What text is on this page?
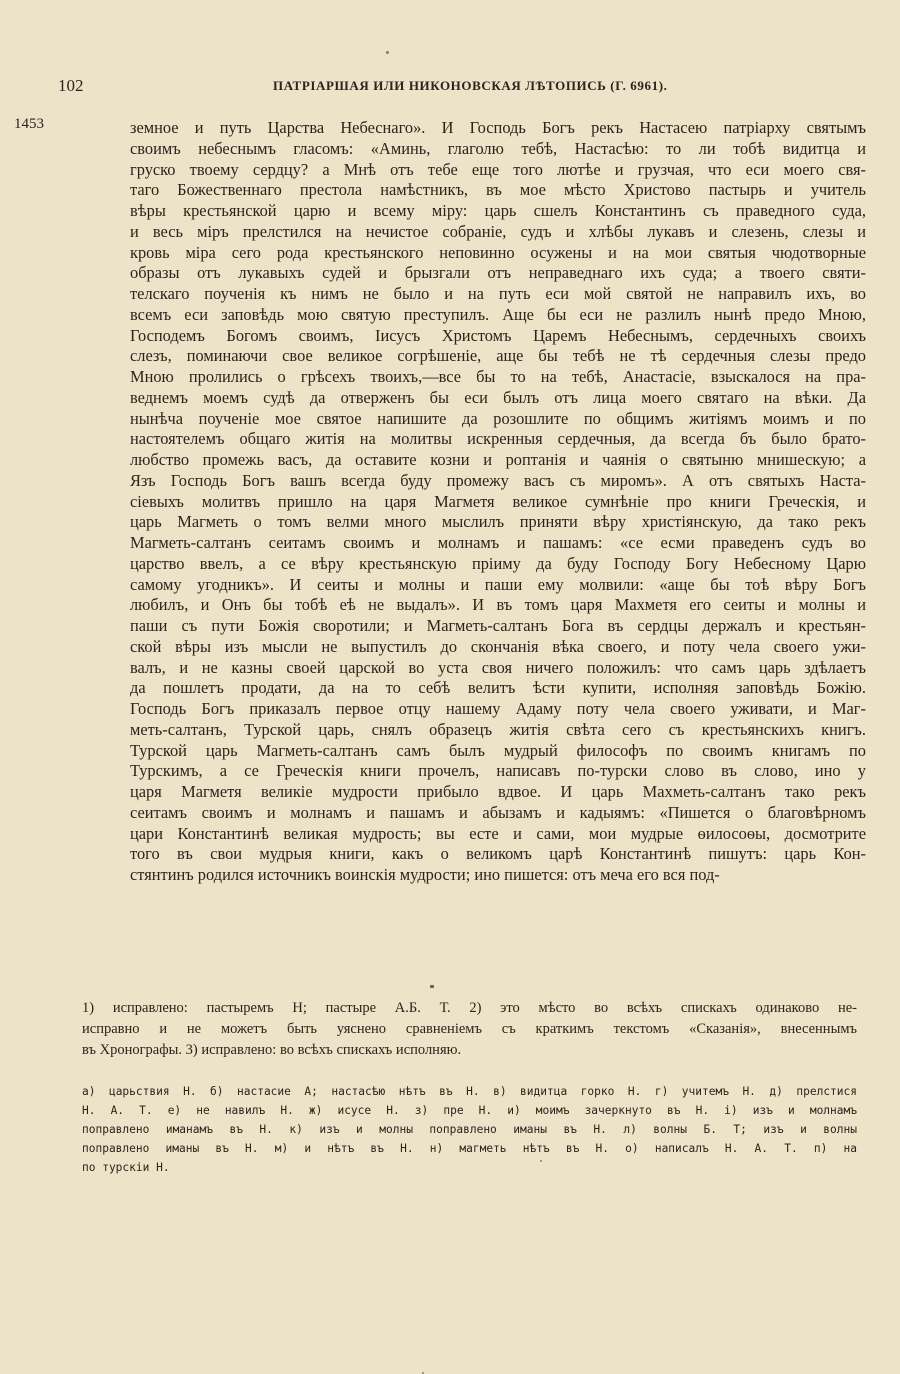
102	ПАТРІАРШАЯ ИЛИ НИКОНОВСКАЯ ЛѢТОПИСЬ (Г. 6961).
1453	земное и путь Царства Небеснаго». И Господь Богъ рекъ Настасею патріарху святымъ
своимъ небеснымъ гласомъ: «Аминь, глаголю тебѣ, Настасѣю: то ли тобѣ видитца и
груско твоему сердцу? а Мнѣ отъ тебе еще того лютѣе и грузчая, что еси моего свя-
таго Божественнаго престола намѣстникъ, въ мое мѣсто Христово пастырь и учитель
вѣры крестьянской царю и всему міру: царь сшелъ Константинъ съ праведного суда,
и весь міръ прелстился на нечистое собраніе, судъ и хлѣбы лукавъ и слезень, слезы и
кровь міра сего рода крестьянского неповинно осужены и на мои святыя чюдотворные
образы отъ лукавыхъ судей и брызгали отъ неправеднаго ихъ суда; а твоего святи-
телскаго поученія къ нимъ не было и на путь еси мой святой не направилъ ихъ, во
всемъ еси заповѣдь мою святую преступилъ. Аще бы еси не разлилъ нынѣ предо Мною,
Господемъ Богомъ своимъ, Іисусъ Христомъ Царемъ Небеснымъ, сердечныхъ своихъ
слезъ, поминаючи свое великое согрѣшеніе, аще бы тебѣ не тѣ сердечныя слезы предо
Мною пролились о грѣсехъ твоихъ,—все бы то на тебѣ, Анастасіе, взыскалося на пра-
веднемъ моемъ судѣ да отверженъ бы еси былъ отъ лица моего святаго на вѣки. Да
нынѣча поученіе мое святое напишите да розошлите по общимъ житіямъ моимъ и по
настоятелемъ общаго житія на молитвы искренныя сердечныя, да всегда бъ было брато-
любство промежь васъ, да оставите козни и роптанія и чаянія о святыню мнишескую; а
Язъ Господь Богъ вашъ всегда буду промежу васъ съ миромъ». А отъ святыхъ Наста-
сіевыхъ молитвъ пришло на царя Магметя великое сумнѣніе про книги Греческія, и
царь Магметь о томъ велми много мыслилъ приняти вѣру христіянскую, да тако рекъ
Магметь-салтанъ сеитамъ своимъ и молнамъ и пашамъ: «се есми праведенъ судъ во
царство ввелъ, а се вѣру крестьянскую пріиму да буду Господу Богу Небесному Царю
самому угодникъ». И сеиты и молны и паши ему молвили: «аще бы тоѣ вѣру Богъ
любилъ, и Онъ бы тобѣ еѣ не выдалъ». И въ томъ царя Махметя его сеиты и молны и
паши съ пути Божія своротили; и Магметь-салтанъ Бога въ сердцы держалъ и крестьян-
ской вѣры изъ мысли не выпустилъ до скончанія вѣка своего, и поту чела своего ужи-
валъ, и не казны своей царской во уста своя ничего положилъ: что самъ царь здѣлаетъ
да пошлетъ продати, да на то себѣ велитъ ѣсти купити, исполняя заповѣдь Божію.
Господь Богъ приказалъ первое отцу нашему Адаму поту чела своего уживати, и Маг-
меть-салтанъ, Турской царь, снялъ образецъ житія свѣта сего съ крестьянскихъ книгъ.
Турской царь Магметь-салтанъ самъ былъ мудрый философъ по своимъ книгамъ по
Турскимъ, а се Греческія книги прочелъ, написавъ по-турски слово въ слово, ино у
царя Магметя великіе мудрости прибыло вдвое. И царь Махметь-салтанъ тако рекъ
сеитамъ своимъ и молнамъ и пашамъ и абызамъ и кадыямъ: «Пишется о благовѣрномъ
цари Константинѣ великая мудрость; вы есте и сами, мои мудрые ѳилосоѳы, досмотрите
того въ свои мудрыя книги, какъ о великомъ царѣ Константинѣ пишутъ: царь Кон-
стянтинъ родился источникъ воинскія мудрости; ино пишется: отъ меча его вся под-
1) исправлено: пастыремъ Н; пастыре А.Б. Т. 2) это мѣсто во всѣхъ спискахъ одинаково не-
исправно и не можетъ быть уяснено сравненіемъ съ краткимъ текстомъ «Сказанія», внесеннымъ
въ Хронографы. 3) исправлено: во всѣхъ спискахъ исполняю.
а) царьствия Н. б) настасие А; настасѣю нѣтъ въ Н. в) видитца горко Н. г) учитемъ Н. д) прелстися
Н. А. Т. е) не навилъ Н. ж) исусе Н. з) пре Н. и) моимъ зачеркнуто въ Н. і) изъ и молнамъ
поправлено иманамъ въ Н. к) изъ и молны поправлено иманы въ Н. л) волны Б. Т; изъ и волны
поправлено иманы въ Н. м) и нѣтъ въ Н. н) магметь нѣтъ въ Н. о) написалъ Н. А. Т. п) на
по турскіи Н.
